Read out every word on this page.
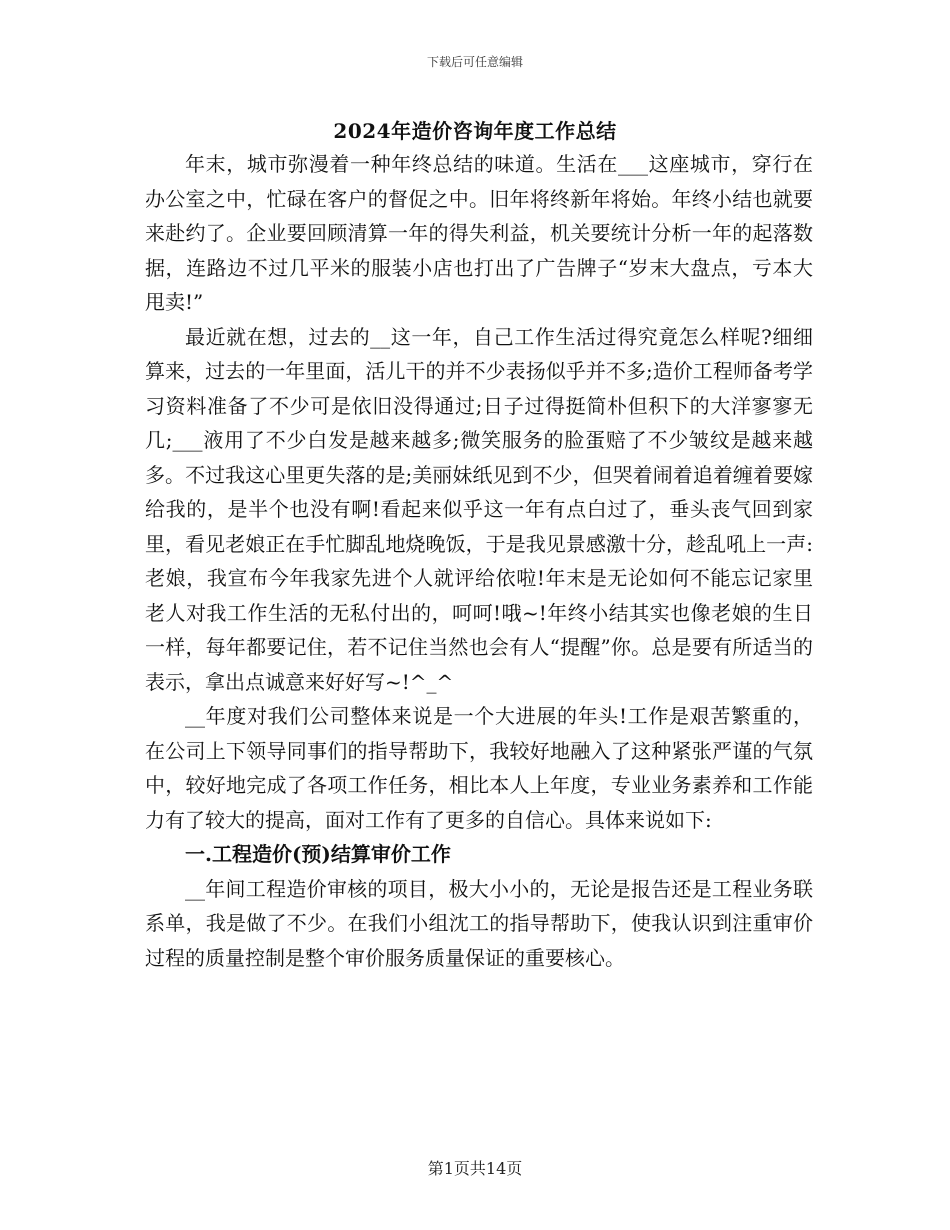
下载后可任意编辑
2024年造价咨询年度工作总结

年末，城市弥漫着一种年终总结的味道。生活在___这座城市，穿行在办公室之中，忙碌在客户的督促之中。旧年将终新年将始。年终小结也就要来赴约了。企业要回顾清算一年的得失利益，机关要统计分析一年的起落数据，连路边不过几平米的服装小店也打出了广告牌子“岁末大盘点，亏本大甩卖!”

最近就在想，过去的__这一年，自己工作生活过得究竟怎么样呢?细细算来，过去的一年里面，活儿干的并不少表扬似乎并不多;造价工程师备考学习资料准备了不少可是依旧没得通过;日子过得挺简朴但积下的大洋寥寥无几;___液用了不少白发是越来越多;微笑服务的脸蛋赔了不少皱纹是越来越多。不过我这心里更失落的是;美丽妹纸见到不少，但哭着闹着追着缠着要嫁给我的，是半个也没有啊!看起来似乎这一年有点白过了，垂头丧气回到家里，看见老娘正在手忙脚乱地烧晚饭，于是我见景感激十分，趁乱吼上一声:老娘，我宣布今年我家先进个人就评给依啦!年末是无论如何不能忘记家里老人对我工作生活的无私付出的，呵呵!哦~!年终小结其实也像老娘的生日一样，每年都要记住，若不记住当然也会有人“提醒”你。总是要有所适当的表示，拿出点诚意来好好写~!^_^

__年度对我们公司整体来说是一个大进展的年头!工作是艰苦繁重的，在公司上下领导同事们的指导帮助下，我较好地融入了这种紧张严谨的气氛中，较好地完成了各项工作任务，相比本人上年度，专业业务素养和工作能力有了较大的提高，面对工作有了更多的自信心。具体来说如下:

一.工程造价(预)结算审价工作

__年间工程造价审核的项目，极大小小的，无论是报告还是工程业务联系单，我是做了不少。在我们小组沈工的指导帮助下，使我认识到注重审价过程的质量控制是整个审价服务质量保证的重要核心。

第1页共14页
